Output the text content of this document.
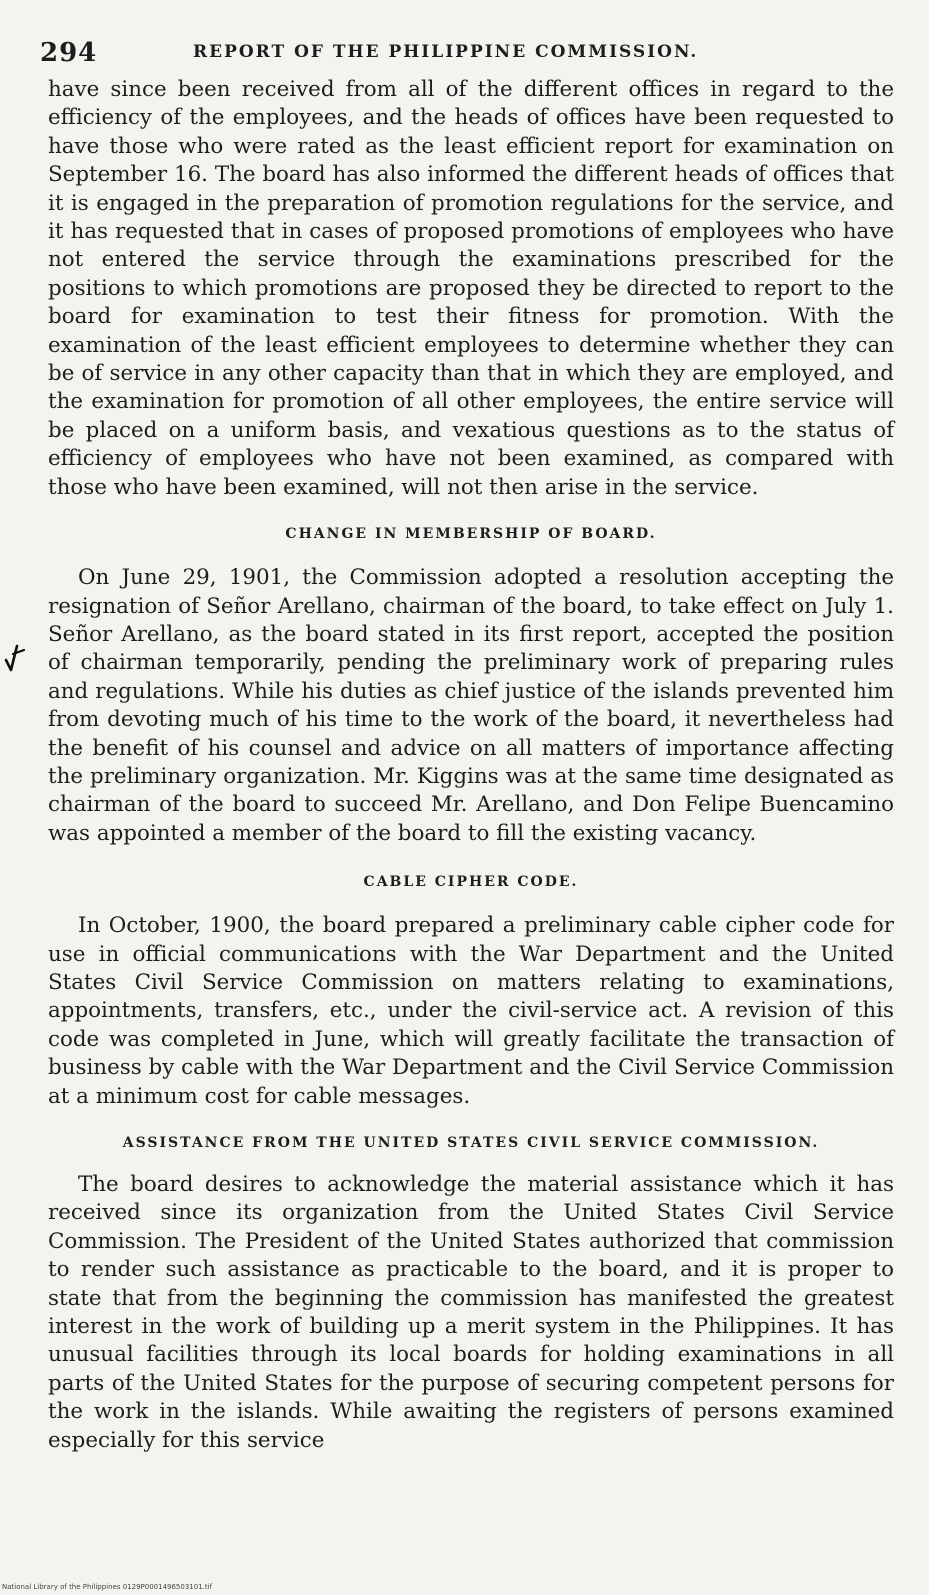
294	REPORT OF THE PHILIPPINE COMMISSION.

have since been received from all of the different offices in regard to the efficiency of the employees, and the heads of offices have been requested to have those who were rated as the least efficient report for examination on September 16. The board has also informed the different heads of offices that it is engaged in the preparation of promotion regulations for the service, and it has requested that in cases of proposed promotions of employees who have not entered the service through the examinations prescribed for the positions to which promotions are proposed they be directed to report to the board for examination to test their fitness for promotion. With the examination of the least efficient employees to determine whether they can be of service in any other capacity than that in which they are employed, and the examination for promotion of all other employees, the entire service will be placed on a uniform basis, and vexatious questions as to the status of efficiency of employees who have not been examined, as compared with those who have been examined, will not then arise in the service.

CHANGE IN MEMBERSHIP OF BOARD.

On June 29, 1901, the Commission adopted a resolution accepting the resignation of Señor Arellano, chairman of the board, to take effect on July 1. Señor Arellano, as the board stated in its first report, accepted the position of chairman temporarily, pending the preliminary work of preparing rules and regulations. While his duties as chief justice of the islands prevented him from devoting much of his time to the work of the board, it nevertheless had the benefit of his counsel and advice on all matters of importance affecting the preliminary organization. Mr. Kiggins was at the same time designated as chairman of the board to succeed Mr. Arellano, and Don Felipe Buencamino was appointed a member of the board to fill the existing vacancy.

CABLE CIPHER CODE.

In October, 1900, the board prepared a preliminary cable cipher code for use in official communications with the War Department and the United States Civil Service Commission on matters relating to examinations, appointments, transfers, etc., under the civil-service act. A revision of this code was completed in June, which will greatly facilitate the transaction of business by cable with the War Department and the Civil Service Commission at a minimum cost for cable messages.

ASSISTANCE FROM THE UNITED STATES CIVIL SERVICE COMMISSION.

The board desires to acknowledge the material assistance which it has received since its organization from the United States Civil Service Commission. The President of the United States authorized that commission to render such assistance as practicable to the board, and it is proper to state that from the beginning the commission has manifested the greatest interest in the work of building up a merit system in the Philippines. It has unusual facilities through its local boards for holding examinations in all parts of the United States for the purpose of securing competent persons for the work in the islands. While awaiting the registers of persons examined especially for this service

National Library of the Philippines 0129P0001496503101.tif
